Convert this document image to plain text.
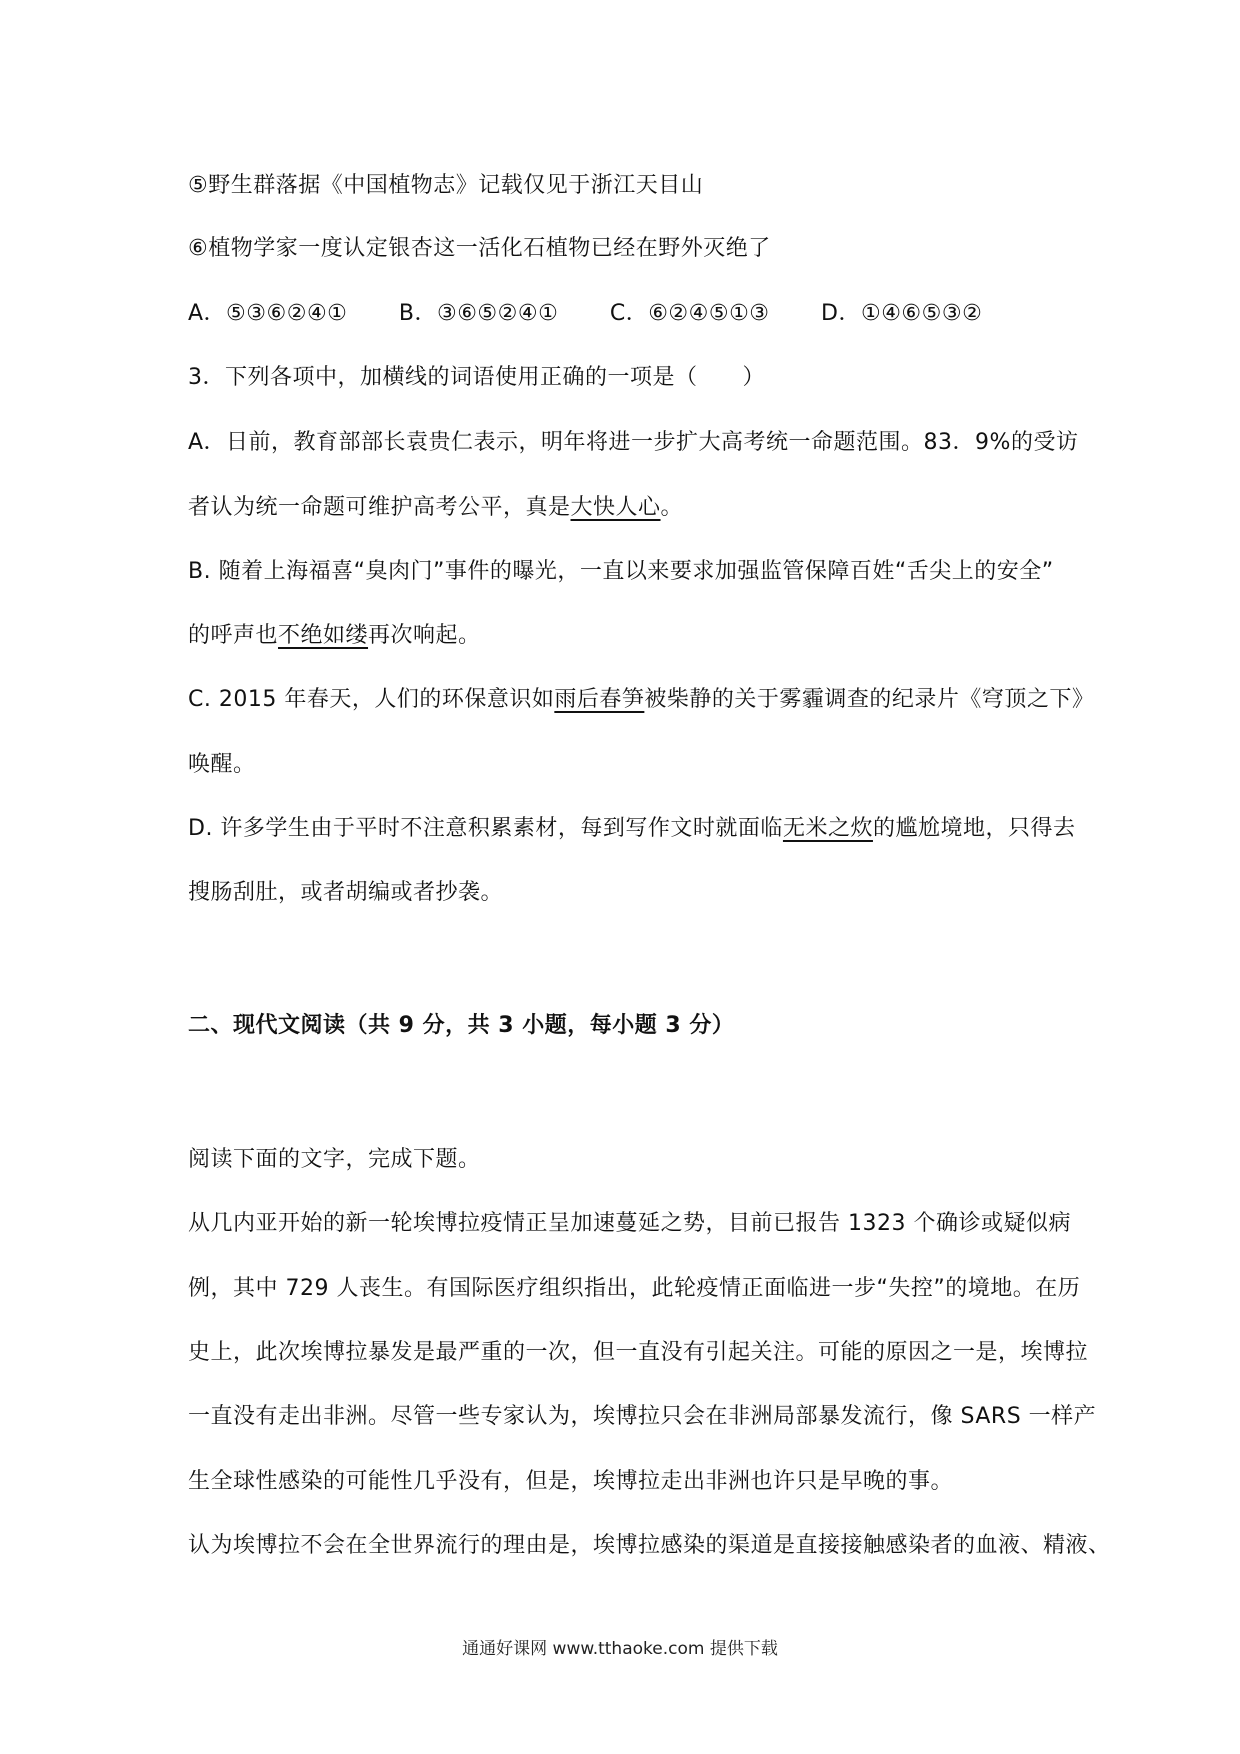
⑤野生群落据《中国植物志》记载仅见于浙江天目山
⑥植物学家一度认定银杏这一活化石植物已经在野外灭绝了
A．⑤③⑥②④① B．③⑥⑤②④① C．⑥②④⑤①③ D．①④⑥⑤③②
3．下列各项中，加横线的词语使用正确的一项是（　　）
A．日前，教育部部长袁贵仁表示，明年将进一步扩大高考统一命题范围。83．9%的受访
者认为统一命题可维护高考公平，真是大快人心。
B. 随着上海福喜“臭肉门”事件的曝光，一直以来要求加强监管保障百姓“舌尖上的安全”
的呼声也不绝如缕再次响起。
C. 2015 年春天，人们的环保意识如雨后春笋被柴静的关于雾霾调查的纪录片《穹顶之下》
唤醒。
D. 许多学生由于平时不注意积累素材，每到写作文时就面临无米之炊的尴尬境地，只得去
搜肠刮肚，或者胡编或者抄袭。
二、现代文阅读（共 9 分，共 3 小题，每小题 3 分）
阅读下面的文字，完成下题。
从几内亚开始的新一轮埃博拉疫情正呈加速蔓延之势，目前已报告 1323 个确诊或疑似病
例，其中 729 人丧生。有国际医疗组织指出，此轮疫情正面临进一步“失控”的境地。在历
史上，此次埃博拉暴发是最严重的一次，但一直没有引起关注。可能的原因之一是，埃博拉
一直没有走出非洲。尽管一些专家认为，埃博拉只会在非洲局部暴发流行，像 SARS 一样产
生全球性感染的可能性几乎没有，但是，埃博拉走出非洲也许只是早晚的事。
认为埃博拉不会在全世界流行的理由是，埃博拉感染的渠道是直接接触感染者的血液、精液、
通通好课网 www.tthaoke.com 提供下载
